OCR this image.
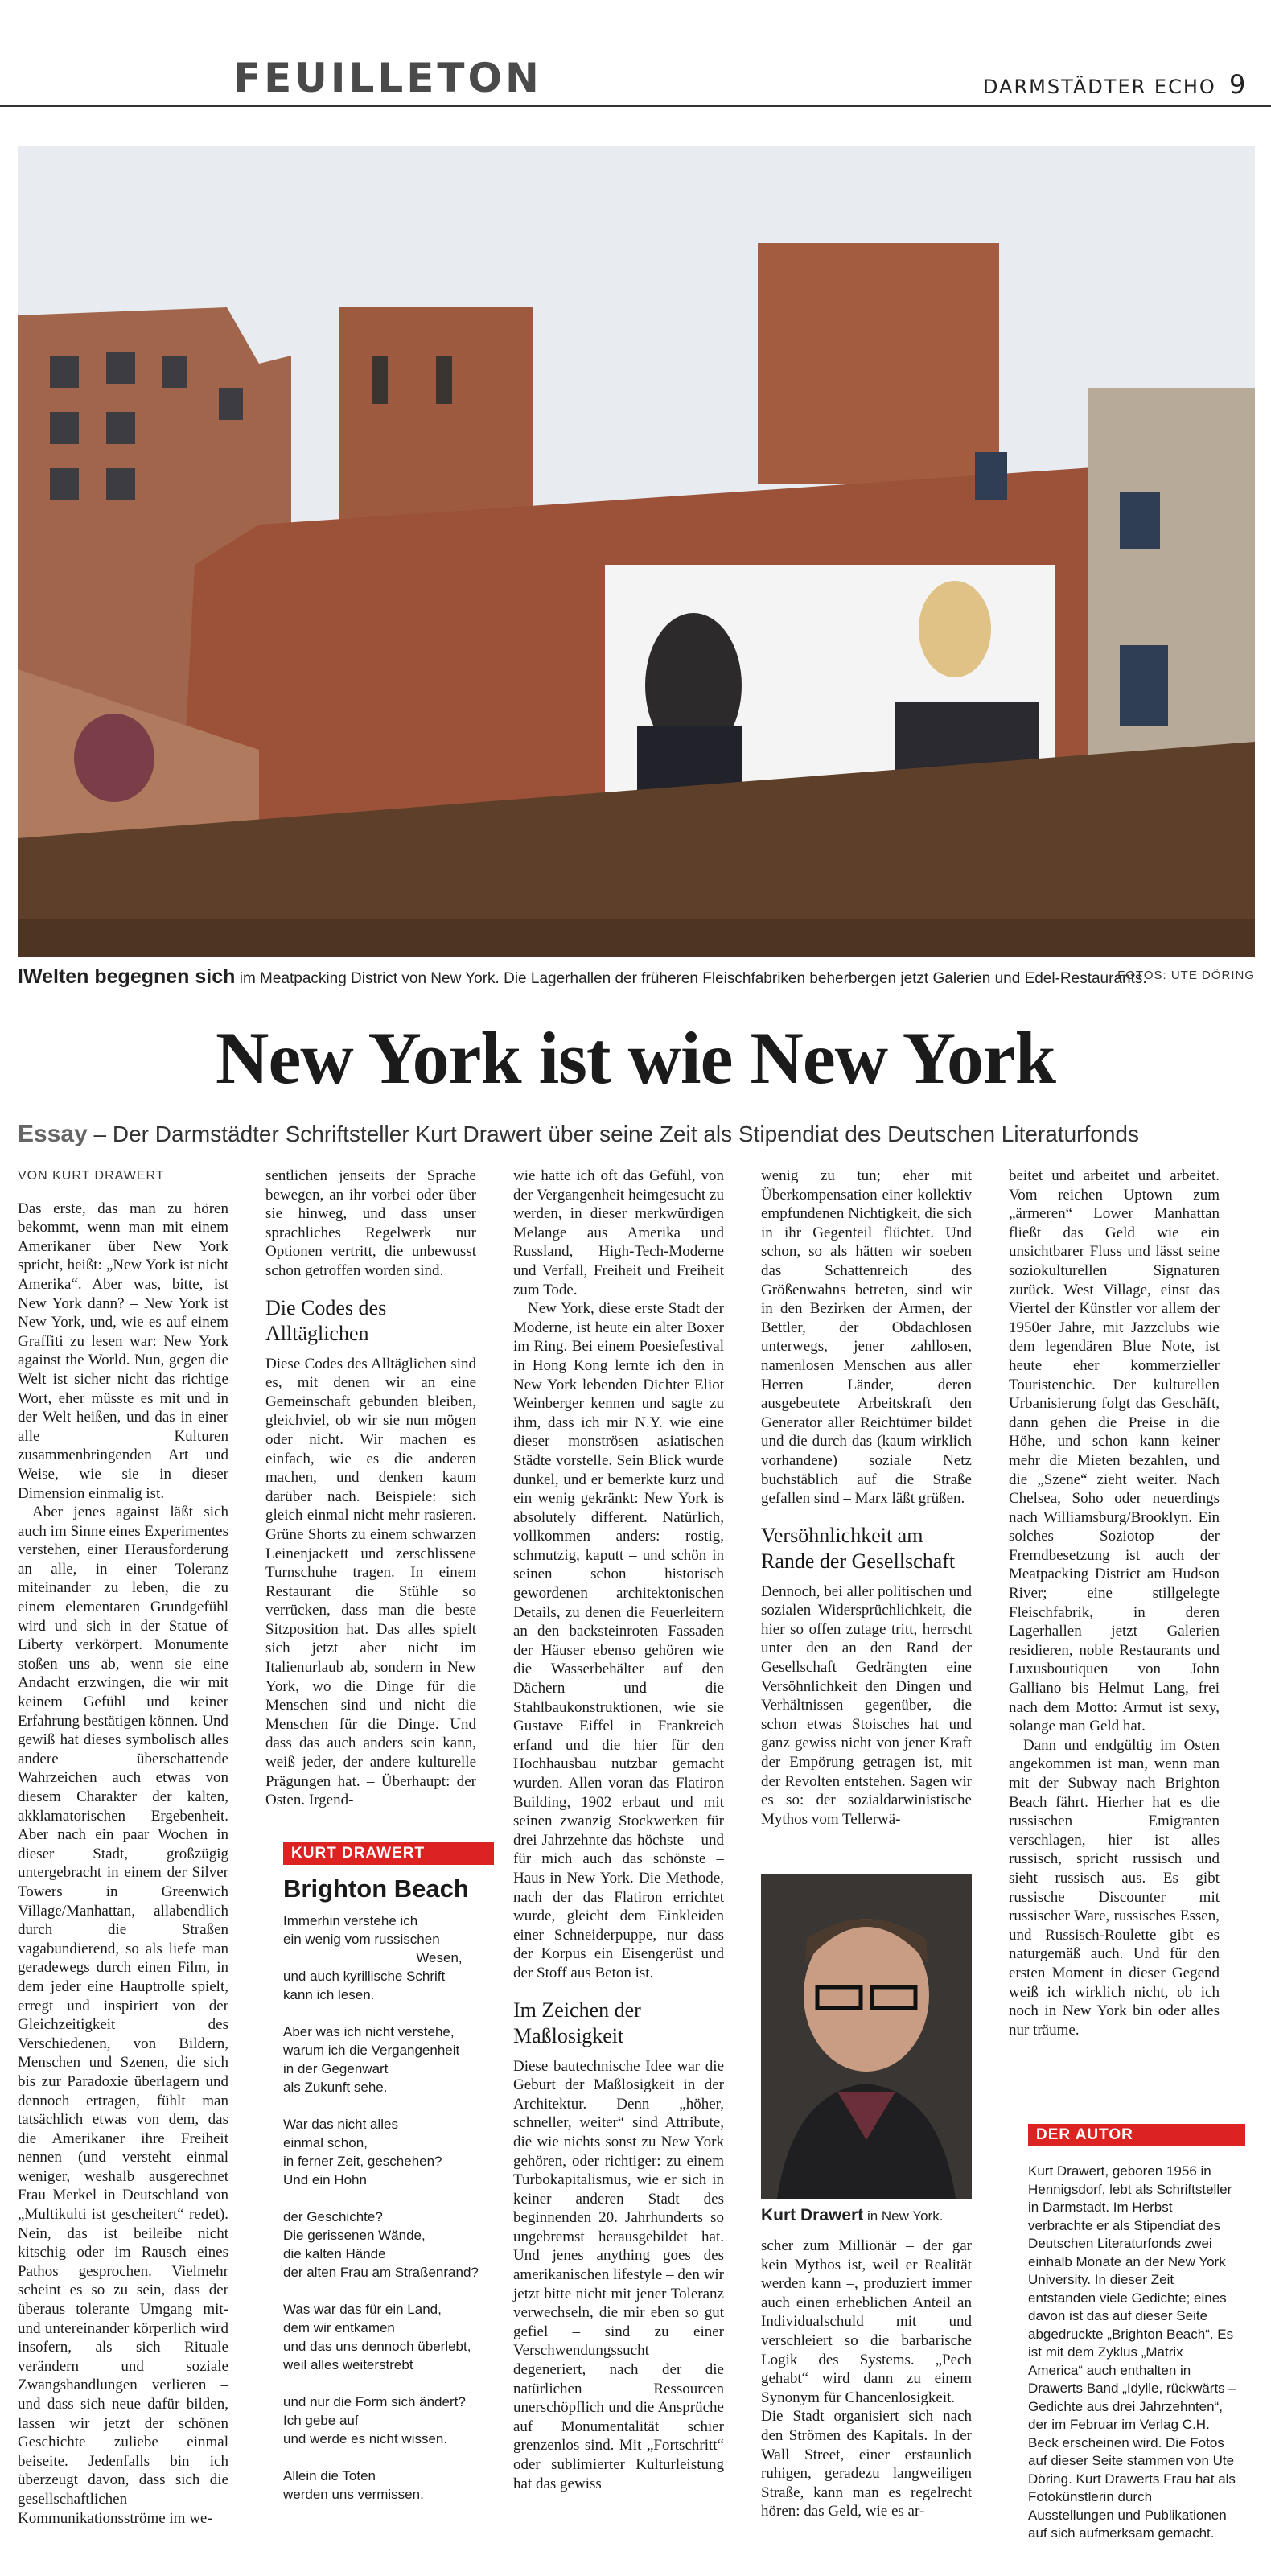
FEUILLETON	DARMSTÄDTER ECHO 9
lWelten begegnen sich im Meatpacking District von New York. Die Lagerhallen der früheren Fleischfabriken beherbergen jetzt Galerien und Edel-Restaurants.
FOTOS: UTE DÖRING
New York ist wie New York
Essay – Der Darmstädter Schriftsteller Kurt Drawert über seine Zeit als Stipendiat des Deutschen Literaturfonds
VON KURT DRAWERT

Das erste, das man zu hören bekommt, wenn man mit einem Amerikaner über New York spricht, heißt: „New York ist nicht Amerika“. Aber was, bitte, ist New York dann? – New York ist New York, und, wie es auf einem Graffiti zu lesen war: New York against the World. Nun, gegen die Welt ist sicher nicht das richtige Wort, eher müsste es mit und in der Welt heißen, und das in einer alle Kulturen zusammenbringenden Art und Weise, wie sie in dieser Dimension einmalig ist.

Aber jenes against läßt sich auch im Sinne eines Experimentes verstehen, einer Herausforderung an alle, in einer Toleranz miteinander zu leben, die zu einem elementaren Grundgefühl wird und sich in der Statue of Liberty verkörpert. Monumente stoßen uns ab, wenn sie eine Andacht erzwingen, die wir mit keinem Gefühl und keiner Erfahrung bestätigen können. Und gewiß hat dieses symbolisch alles andere überschattende Wahrzeichen auch etwas von diesem Charakter der kalten, akklamatorischen Ergebenheit. Aber nach ein paar Wochen in dieser Stadt, großzügig untergebracht in einem der Silver Towers in Greenwich Village/Manhattan, allabendlich durch die Straßen vagabundierend, so als liefe man geradewegs durch einen Film, in dem jeder eine Hauptrolle spielt, erregt und inspiriert von der Gleichzeitigkeit des Verschiedenen, von Bildern, Menschen und Szenen, die sich bis zur Paradoxie überlagern und dennoch ertragen, fühlt man tatsächlich etwas von dem, das die Amerikaner ihre Freiheit nennen (und versteht einmal weniger, weshalb ausgerechnet Frau Merkel in Deutschland von „Multikulti ist gescheitert“ redet). Nein, das ist beileibe nicht kitschig oder im Rausch eines Pathos gesprochen. Vielmehr scheint es so zu sein, dass der überaus tolerante Umgang mit- und untereinander körperlich wird insofern, als sich Rituale verändern und soziale Zwangshandlungen verlieren – und dass sich neue dafür bilden, lassen wir jetzt der schönen Geschichte zuliebe einmal beiseite. Jedenfalls bin ich überzeugt davon, dass sich die gesellschaftlichen Kommunikationsströme im we-

sentlichen jenseits der Sprache bewegen, an ihr vorbei oder über sie hinweg, und dass unser sprachliches Regelwerk nur Optionen vertritt, die unbewusst schon getroffen worden sind.

Die Codes des Alltäglichen

Diese Codes des Alltäglichen sind es, mit denen wir an eine Gemeinschaft gebunden bleiben, gleichviel, ob wir sie nun mögen oder nicht. Wir machen es einfach, wie es die anderen machen, und denken kaum darüber nach. Beispiele: sich gleich einmal nicht mehr rasieren. Grüne Shorts zu einem schwarzen Leinenjackett und zerschlissene Turnschuhe tragen. In einem Restaurant die Stühle so verrücken, dass man die beste Sitzposition hat. Das alles spielt sich jetzt aber nicht im Italienurlaub ab, sondern in New York, wo die Dinge für die Menschen sind und nicht die Menschen für die Dinge. Und dass das auch anders sein kann, weiß jeder, der andere kulturelle Prägungen hat. – Überhaupt: der Osten. Irgend-

KURT DRAWERT
Brighton Beach
Immerhin verstehe ich
ein wenig vom russischen
Wesen,
und auch kyrillische Schrift
kann ich lesen.

Aber was ich nicht verstehe,
warum ich die Vergangenheit
in der Gegenwart
als Zukunft sehe.

War das nicht alles
einmal schon,
in ferner Zeit, geschehen?
Und ein Hohn

der Geschichte?
Die gerissenen Wände,
die kalten Hände
der alten Frau am Straßenrand?

Was war das für ein Land,
dem wir entkamen
und das uns dennoch überlebt,
weil alles weiterstrebt

und nur die Form sich ändert?
Ich gebe auf
und werde es nicht wissen.

Allein die Toten
werden uns vermissen.

wie hatte ich oft das Gefühl, von der Vergangenheit heimgesucht zu werden, in dieser merkwürdigen Melange aus Amerika und Russland, High-Tech-Moderne und Verfall, Freiheit und Freiheit zum Tode.

New York, diese erste Stadt der Moderne, ist heute ein alter Boxer im Ring. Bei einem Poesiefestival in Hong Kong lernte ich den in New York lebenden Dichter Eliot Weinberger kennen und sagte zu ihm, dass ich mir N.Y. wie eine dieser monströsen asiatischen Städte vorstelle. Sein Blick wurde dunkel, und er bemerkte kurz und ein wenig gekränkt: New York is absolutely different. Natürlich, vollkommen anders: rostig, schmutzig, kaputt – und schön in seinen schon historisch gewordenen architektonischen Details, zu denen die Feuerleitern an den backsteinroten Fassaden der Häuser ebenso gehören wie die Wasserbehälter auf den Dächern und die Stahlbaukonstruktionen, wie sie Gustave Eiffel in Frankreich erfand und die hier für den Hochhausbau nutzbar gemacht wurden. Allen voran das Flatiron Building, 1902 erbaut und mit seinen zwanzig Stockwerken für drei Jahrzehnte das höchste – und für mich auch das schönste – Haus in New York. Die Methode, nach der das Flatiron errichtet wurde, gleicht dem Einkleiden einer Schneiderpuppe, nur dass der Korpus ein Eisengerüst und der Stoff aus Beton ist.

Im Zeichen der Maßlosigkeit

Diese bautechnische Idee war die Geburt der Maßlosigkeit in der Architektur. Denn „höher, schneller, weiter“ sind Attribute, die wie nichts sonst zu New York gehören, oder richtiger: zu einem Turbokapitalismus, wie er sich in keiner anderen Stadt des beginnenden 20. Jahrhunderts so ungebremst herausgebildet hat. Und jenes anything goes des amerikanischen lifestyle – den wir jetzt bitte nicht mit jener Toleranz verwechseln, die mir eben so gut gefiel – sind zu einer Verschwendungssucht degeneriert, nach der die natürlichen Ressourcen unerschöpflich und die Ansprüche auf Monumentalität schier grenzenlos sind. Mit „Fortschritt“ oder sublimierter Kulturleistung hat das gewiss

wenig zu tun; eher mit Überkompensation einer kollektiv empfundenen Nichtigkeit, die sich in ihr Gegenteil flüchtet. Und schon, so als hätten wir soeben das Schattenreich des Größenwahns betreten, sind wir in den Bezirken der Armen, der Bettler, der Obdachlosen unterwegs, jener zahllosen, namenlosen Menschen aus aller Herren Länder, deren ausgebeutete Arbeitskraft den Generator aller Reichtümer bildet und die durch das (kaum wirklich vorhandene) soziale Netz buchstäblich auf die Straße gefallen sind – Marx läßt grüßen.

Versöhnlichkeit am Rande der Gesellschaft

Dennoch, bei aller politischen und sozialen Widersprüchlichkeit, die hier so offen zutage tritt, herrscht unter den an den Rand der Gesellschaft Gedrängten eine Versöhnlichkeit den Dingen und Verhältnissen gegenüber, die schon etwas Stoisches hat und ganz gewiss nicht von jener Kraft der Empörung getragen ist, mit der Revolten entstehen. Sagen wir es so: der sozialdarwinistische Mythos vom Tellerwä-

Kurt Drawert in New York.

scher zum Millionär – der gar kein Mythos ist, weil er Realität werden kann –, produziert immer auch einen erheblichen Anteil an Individualschuld mit und verschleiert so die barbarische Logik des Systems. „Pech gehabt“ wird dann zu einem Synonym für Chancenlosigkeit.
Die Stadt organisiert sich nach den Strömen des Kapitals. In der Wall Street, einer erstaunlich ruhigen, geradezu langweiligen Straße, kann man es regelrecht hören: das Geld, wie es ar-

beitet und arbeitet und arbeitet. Vom reichen Uptown zum „ärmeren“ Lower Manhattan fließt das Geld wie ein unsichtbarer Fluss und lässt seine soziokulturellen Signaturen zurück. West Village, einst das Viertel der Künstler vor allem der 1950er Jahre, mit Jazzclubs wie dem legendären Blue Note, ist heute eher kommerzieller Touristenchic. Der kulturellen Urbanisierung folgt das Geschäft, dann gehen die Preise in die Höhe, und schon kann keiner mehr die Mieten bezahlen, und die „Szene“ zieht weiter. Nach Chelsea, Soho oder neuerdings nach Williamsburg/Brooklyn. Ein solches Soziotop der Fremdbesetzung ist auch der Meatpacking District am Hudson River; eine stillgelegte Fleischfabrik, in deren Lagerhallen jetzt Galerien residieren, noble Restaurants und Luxusboutiquen von John Galliano bis Helmut Lang, frei nach dem Motto: Armut ist sexy, solange man Geld hat.

Dann und endgültig im Osten angekommen ist man, wenn man mit der Subway nach Brighton Beach fährt. Hierher hat es die russischen Emigranten verschlagen, hier ist alles russisch, spricht russisch und sieht russisch aus. Es gibt russische Discounter mit russischer Ware, russisches Essen, und Russisch-Roulette gibt es naturgemäß auch. Und für den ersten Moment in dieser Gegend weiß ich wirklich nicht, ob ich noch in New York bin oder alles nur träume.

DER AUTOR
Kurt Drawert, geboren 1956 in Hennigsdorf, lebt als Schriftsteller in Darmstadt. Im Herbst verbrachte er als Stipendiat des Deutschen Literaturfonds zwei einhalb Monate an der New York University. In dieser Zeit entstanden viele Gedichte; eines davon ist das auf dieser Seite abgedruckte „Brighton Beach“. Es ist mit dem Zyklus „Matrix America“ auch enthalten in Drawerts Band „Idylle, rückwärts – Gedichte aus drei Jahrzehnten“, der im Februar im Verlag C.H. Beck erscheinen wird. Die Fotos auf dieser Seite stammen von Ute Döring. Kurt Drawerts Frau hat als Fotokünstlerin durch Ausstellungen und Publikationen auf sich aufmerksam gemacht.
